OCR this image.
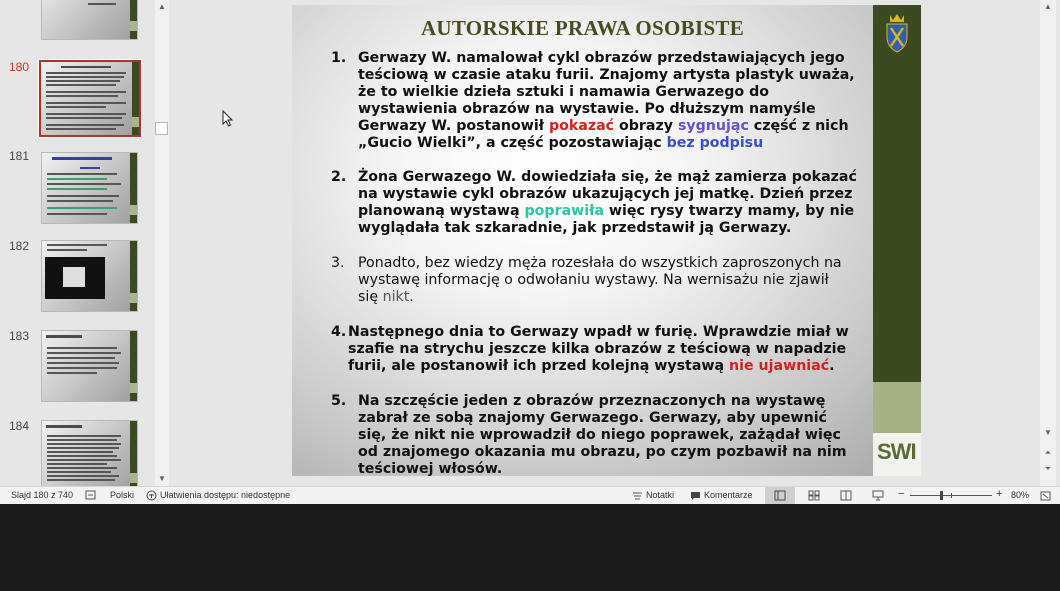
180
181
182
183
184
▲
▼
AUTORSKIE PRAWA OSOBISTE
1. Gerwazy W. namalował cykl obrazów przedstawiających jego
teściową w czasie ataku furii. Znajomy artysta plastyk uważa,
że to wielkie dzieła sztuki i namawia Gerwazego do
wystawienia obrazów na wystawie. Po dłuższym namyśle
Gerwazy W. postanowił pokazać obrazy sygnując część z nich
„Gucio Wielki”, a część pozostawiając bez podpisu
2. Żona Gerwazego W. dowiedziała się, że mąż zamierza pokazać
na wystawie cykl obrazów ukazujących jej matkę. Dzień przez
planowaną wystawą poprawiła więc rysy twarzy mamy, by nie
wyglądała tak szkaradnie, jak przedstawił ją Gerwazy.
3. Ponadto, bez wiedzy męża rozesłała do wszystkich zaproszonych na
wystawę informację o odwołaniu wystawy. Na wernisażu nie zjawił
się nikt.
4. Następnego dnia to Gerwazy wpadł w furię. Wprawdzie miał w
szafie na strychu jeszcze kilka obrazów z teściową w napadzie
furii, ale postanowił ich przed kolejną wystawą nie ujawniać.
5. Na szczęście jeden z obrazów przeznaczonych na wystawę
zabrał ze sobą znajomy Gerwazego. Gerwazy, aby upewnić
się, że nikt nie wprowadził do niego poprawek, zażądał więc
od znajomego okazania mu obrazu, po czym pozbawił na nim
teściowej włosów.
SWI
▲
▼
⏶
⏷
Slajd 180 z 740	Polski	Ułatwienia dostępu: niedostępne	Notatki	Komentarze	−	+ 80%
